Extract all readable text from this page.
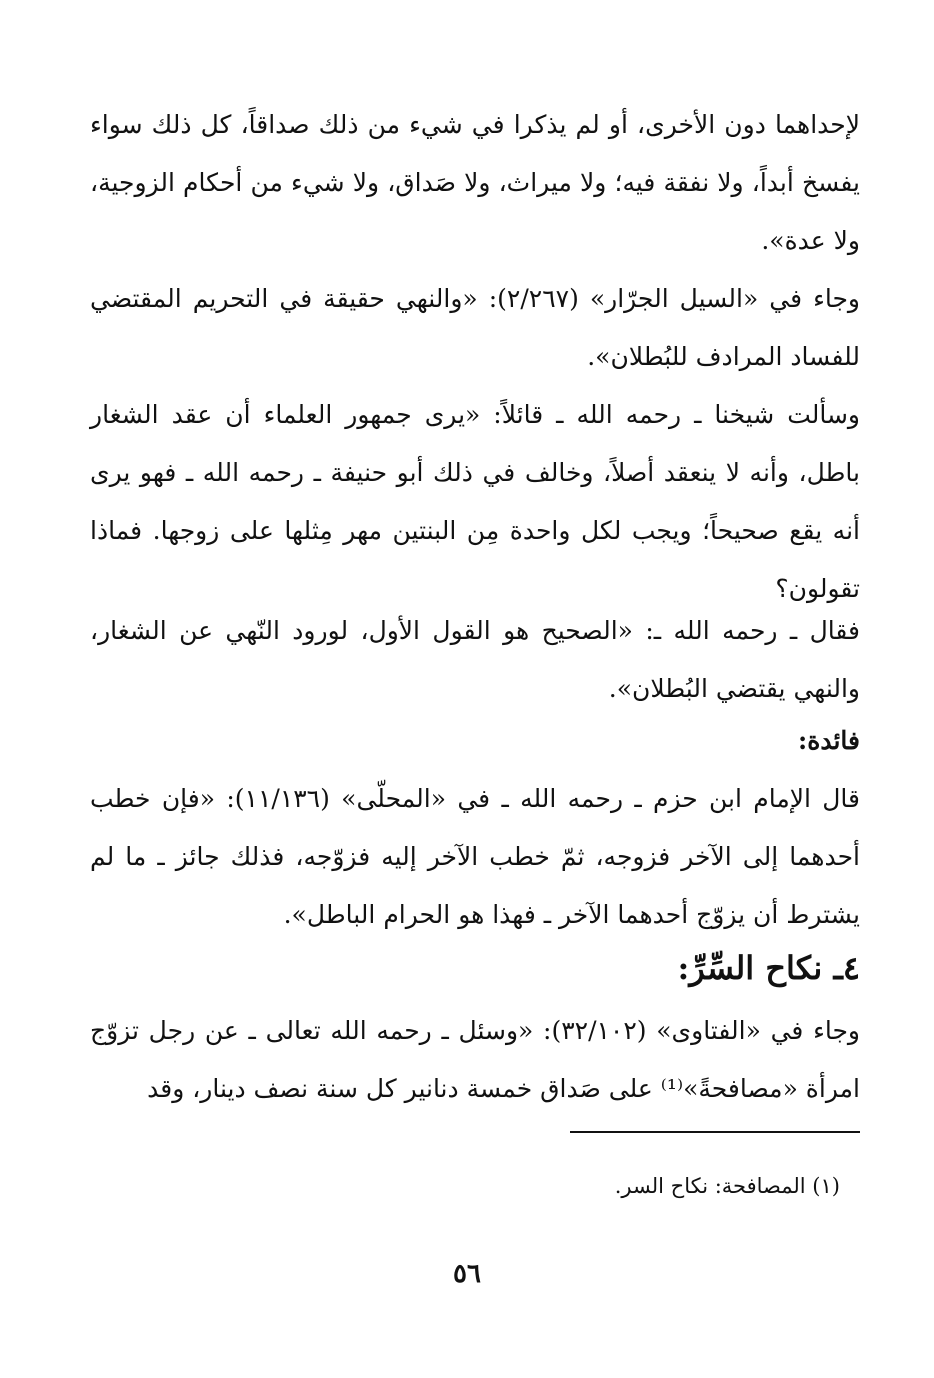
لإحداهما دون الأخرى، أو لم يذكرا في شيء من ذلك صداقاً، كل ذلك سواء يفسخ أبداً، ولا نفقة فيه؛ ولا ميراث، ولا صَداق، ولا شيء من أحكام الزوجية، ولا عدة».

وجاء في «السيل الجرّار» (٢/٢٦٧): «والنهي حقيقة في التحريم المقتضي للفساد المرادف للبُطلان».

وسألت شيخنا ـ رحمه الله ـ قائلاً: «يرى جمهور العلماء أن عقد الشغار باطل، وأنه لا ينعقد أصلاً، وخالف في ذلك أبو حنيفة ـ رحمه الله ـ فهو يرى أنه يقع صحيحاً؛ ويجب لكل واحدة مِن البنتين مهر مِثلها على زوجها. فماذا تقولون؟

فقال ـ رحمه الله ـ: «الصحيح هو القول الأول، لورود النّهي عن الشغار، والنهي يقتضي البُطلان».

فائدة:

قال الإمام ابن حزم ـ رحمه الله ـ في «المحلّى» (١١/١٣٦): «فإن خطب أحدهما إلى الآخر فزوجه، ثمّ خطب الآخر إليه فزوّجه، فذلك جائز ـ ما لم يشترط أن يزوّج أحدهما الآخر ـ فهذا هو الحرام الباطل».

٤ـ نكاح السِّرِّ:

وجاء في «الفتاوى» (٣٢/١٠٢): «وسئل ـ رحمه الله تعالى ـ عن رجل تزوّج امرأة «مصافحةً»⁽¹⁾ على صَداق خمسة دنانير كل سنة نصف دينار، وقد

(١) المصافحة: نكاح السر.
٥٦
